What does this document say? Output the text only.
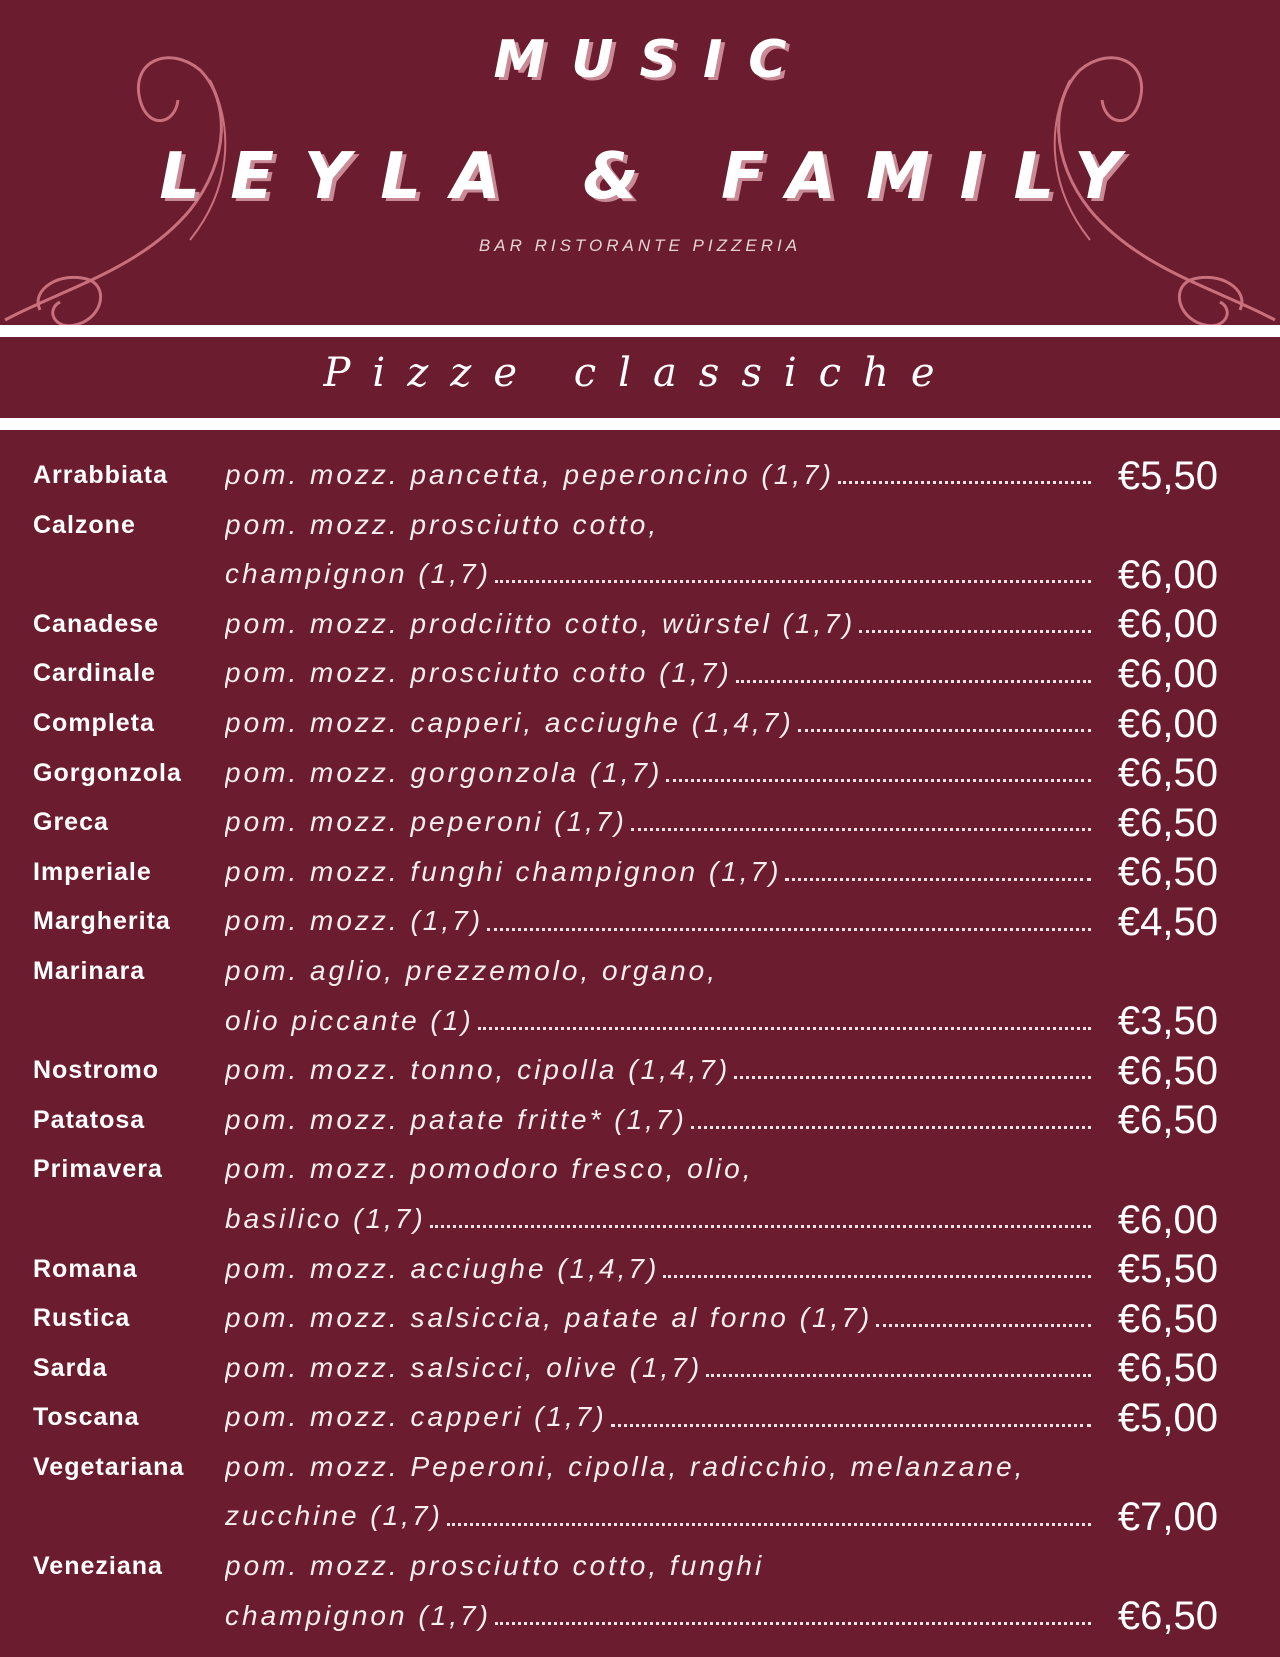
MUSIC
LEYLA & FAMILY
BAR RISTORANTE PIZZERIA
Pizze classiche
Arrabbiata pom. mozz. pancetta, peperoncino (1,7)	€5,50
Calzone	pom. mozz. prosciutto cotto,
champignon (1,7)	€6,00
Canadese pom. mozz. prodciitto cotto, würstel (1,7)	€6,00
Cardinale pom. mozz. prosciutto cotto (1,7)	€6,00
Completa	pom. mozz. capperi, acciughe (1,4,7)	€6,00
Gorgonzola pom. mozz. gorgonzola (1,7)	€6,50
Greca	pom. mozz. peperoni (1,7)	€6,50
Imperiale	pom. mozz. funghi champignon (1,7)	€6,50
Margherita pom. mozz. (1,7)	€4,50
Marinara	pom. aglio, prezzemolo, organo,
olio piccante (1)	€3,50
Nostromo pom. mozz. tonno, cipolla (1,4,7)	€6,50
Patatosa	pom. mozz. patate fritte* (1,7)	€6,50
Primavera pom. mozz. pomodoro fresco, olio,
basilico (1,7)	€6,00
Romana	pom. mozz. acciughe (1,4,7)	€5,50
Rustica	pom. mozz. salsiccia, patate al forno (1,7)	€6,50
Sarda	pom. mozz. salsicci, olive (1,7)	€6,50
Toscana	pom. mozz. capperi (1,7)	€5,00
Vegetariana pom. mozz. Peperoni, cipolla, radicchio, melanzane,
zucchine (1,7)	€7,00
Veneziana pom. mozz. prosciutto cotto, funghi
champignon (1,7)	€6,50
